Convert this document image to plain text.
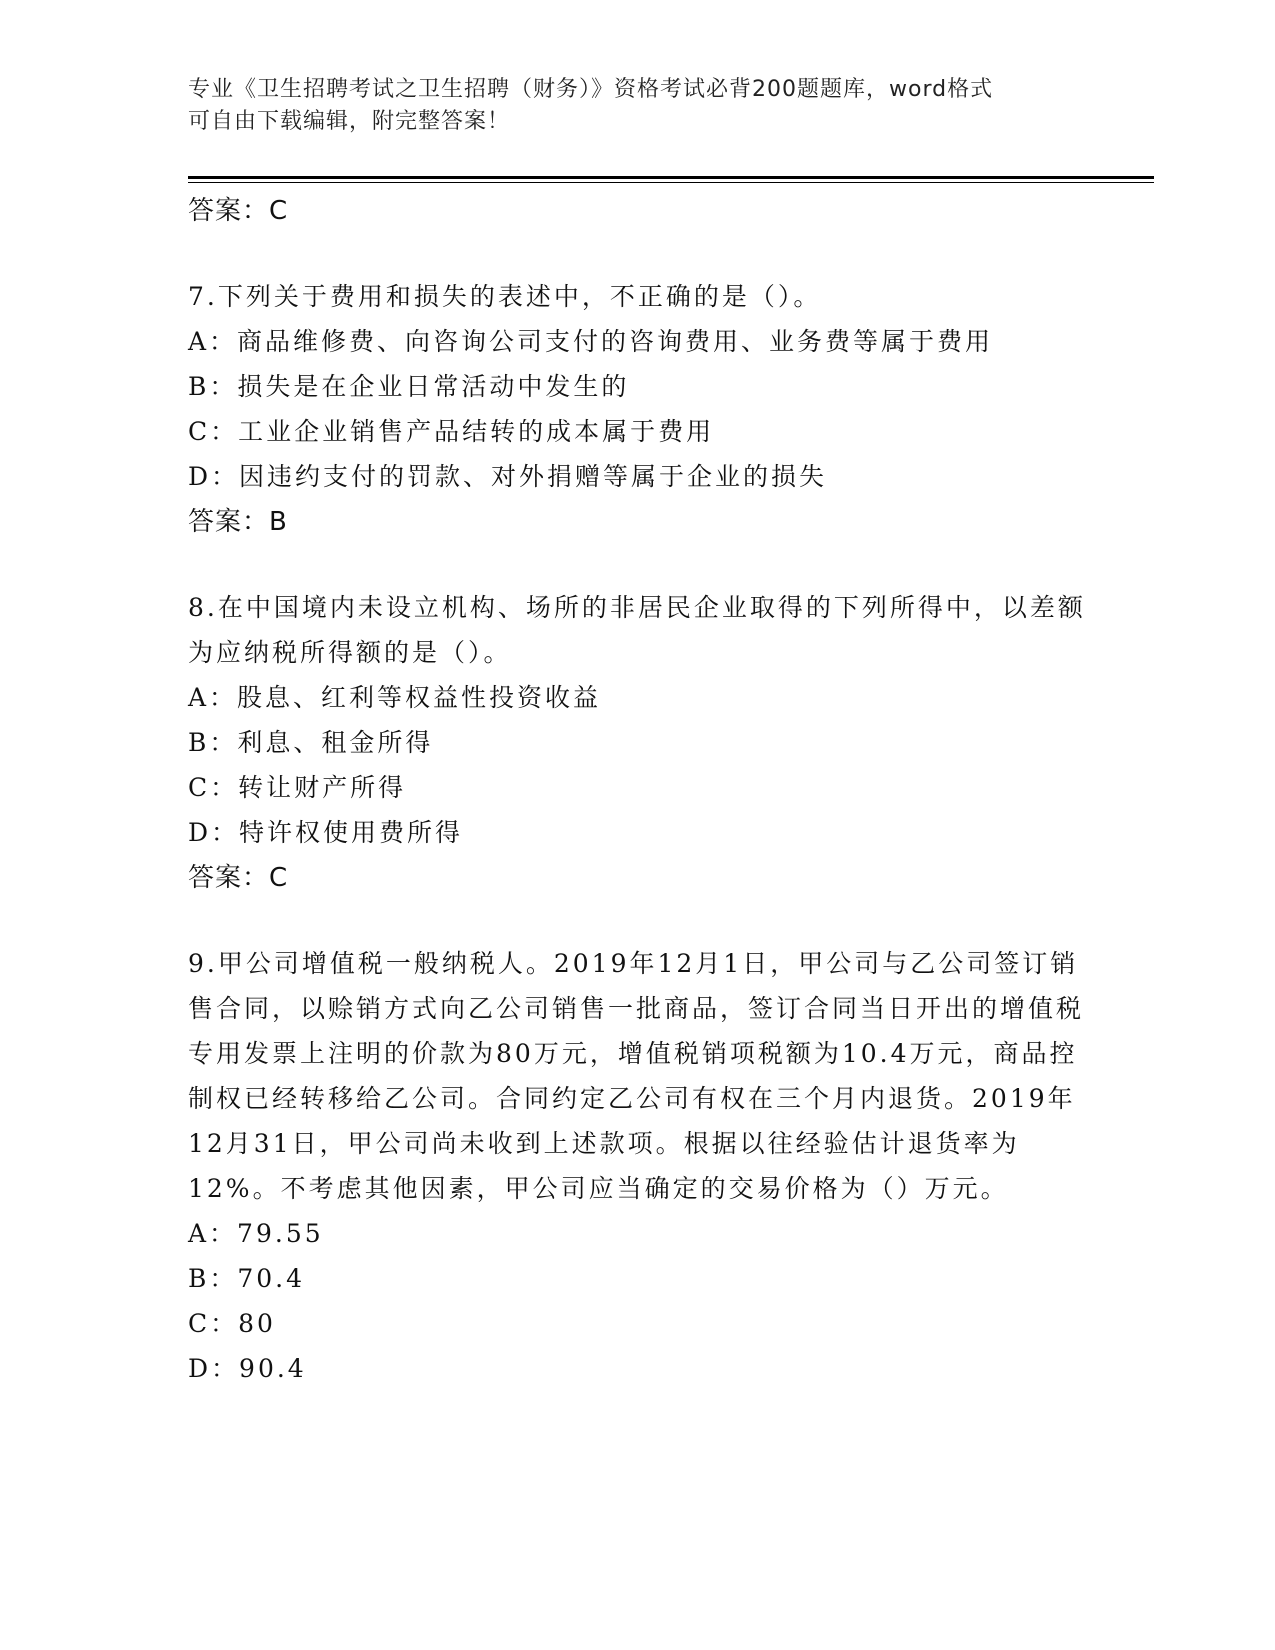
专业《卫生招聘考试之卫生招聘（财务）》资格考试必背200题题库，word格式
可自由下载编辑，附完整答案！
答案：C
7.下列关于费用和损失的表述中，不正确的是（）。
A：商品维修费、向咨询公司支付的咨询费用、业务费等属于费用
B：损失是在企业日常活动中发生的
C：工业企业销售产品结转的成本属于费用
D：因违约支付的罚款、对外捐赠等属于企业的损失
答案：B
8.在中国境内未设立机构、场所的非居民企业取得的下列所得中，以差额为应纳税所得额的是（）。
A：股息、红利等权益性投资收益
B：利息、租金所得
C：转让财产所得
D：特许权使用费所得
答案：C
9.甲公司增值税一般纳税人。2019年12月1日，甲公司与乙公司签订销售合同，以赊销方式向乙公司销售一批商品，签订合同当日开出的增值税专用发票上注明的价款为80万元，增值税销项税额为10.4万元，商品控制权已经转移给乙公司。合同约定乙公司有权在三个月内退货。2019年12月31日，甲公司尚未收到上述款项。根据以往经验估计退货率为12%。不考虑其他因素，甲公司应当确定的交易价格为（）万元。
A：79.55
B：70.4
C：80
D：90.4
